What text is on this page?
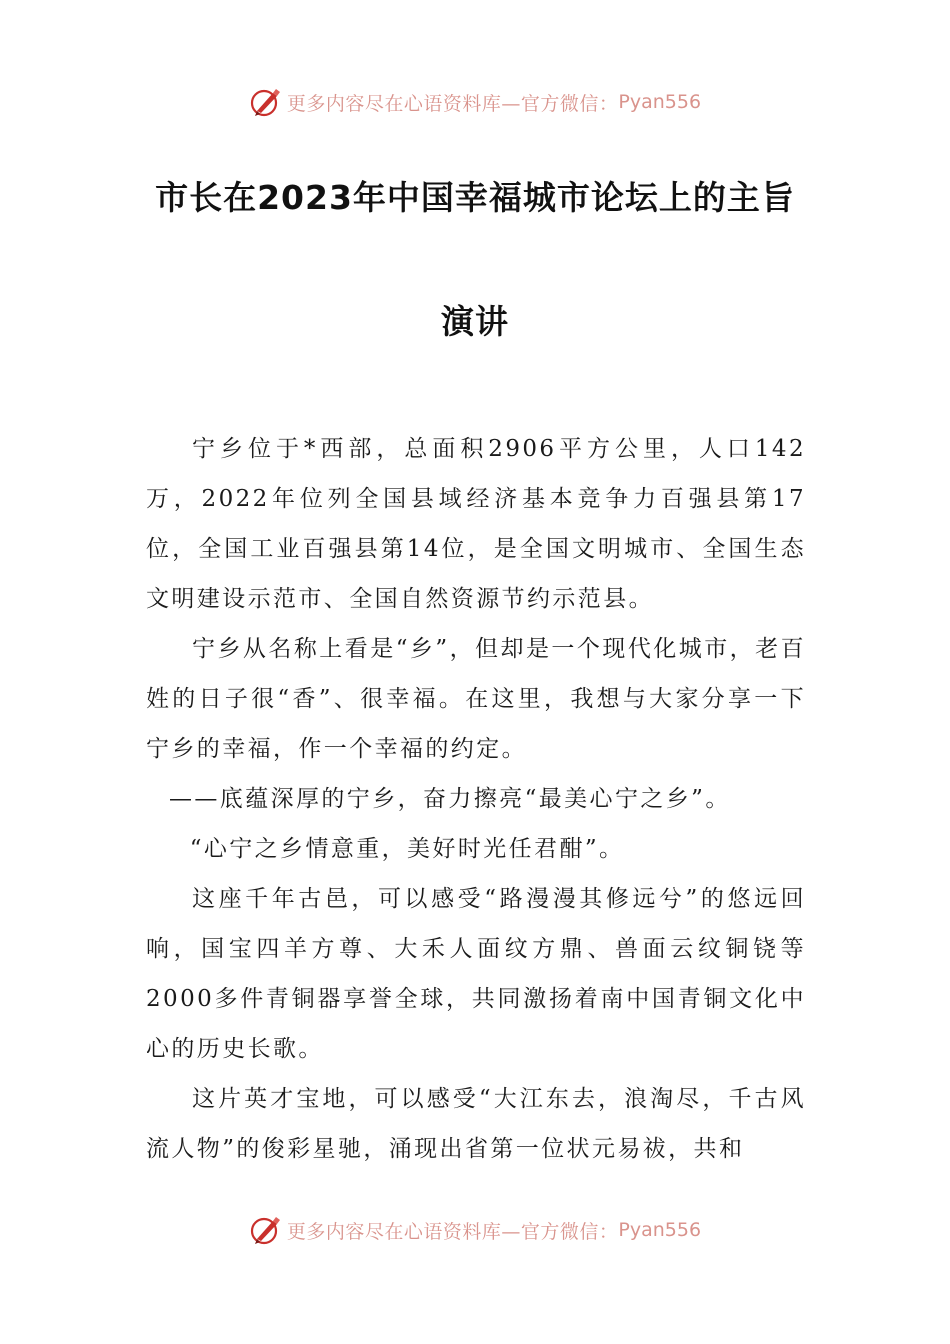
更多内容尽在心语资料库—官方微信： Pyan556
市长在2023年中国幸福城市论坛上的主旨
演讲

宁乡位于*西部，总面积2906平方公里，人口142万，2022年位列全国县域经济基本竞争力百强县第17位，全国工业百强县第14位，是全国文明城市、全国生态文明建设示范市、全国自然资源节约示范县。

宁乡从名称上看是“乡”，但却是一个现代化城市，老百姓的日子很“香”、很幸福。在这里，我想与大家分享一下宁乡的幸福，作一个幸福的约定。

——底蕴深厚的宁乡，奋力擦亮“最美心宁之乡”。

“心宁之乡情意重，美好时光任君酣”。

这座千年古邑，可以感受“路漫漫其修远兮”的悠远回响，国宝四羊方尊、大禾人面纹方鼎、兽面云纹铜铙等2000多件青铜器享誉全球，共同激扬着南中国青铜文化中心的历史长歌。

这片英才宝地，可以感受“大江东去，浪淘尽，千古风流人物”的俊彩星驰，涌现出省第一位状元易祓，共和

更多内容尽在心语资料库—官方微信： Pyan556
